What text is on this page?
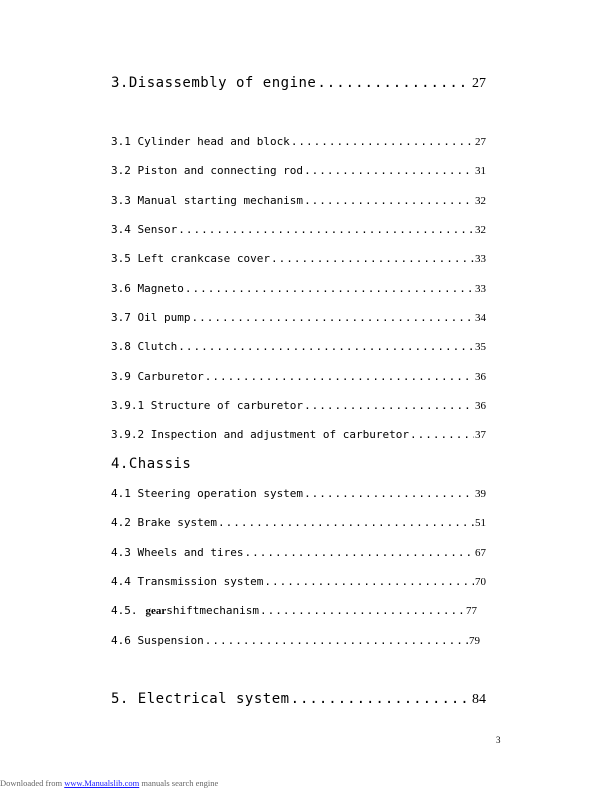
3.Disassembly of engine .....	27
3.1 Cylinder head and block .....	27
3.2 Piston and connecting rod .....	31
3.3 Manual starting mechanism .....	32
3.4 Sensor .....	32
3.5 Left crankcase cover .....	33
3.6 Magneto .....	33
3.7 Oil pump .....	34
3.8 Clutch .....	35
3.9 Carburetor .....	36
3.9.1 Structure of carburetor .....	36
3.9.2 Inspection and adjustment of carburetor .....	37
4.Chassis
4.1 Steering operation system .....	39
4.2 Brake system .....	51
4.3 Wheels and tires .....	67
4.4 Transmission system .....	70
4.5. gear shiftmechanism .....	77
4.6 Suspension .....	79
5. Electrical system .....	84
3
Downloaded from www.Manualslib.com manuals search engine
